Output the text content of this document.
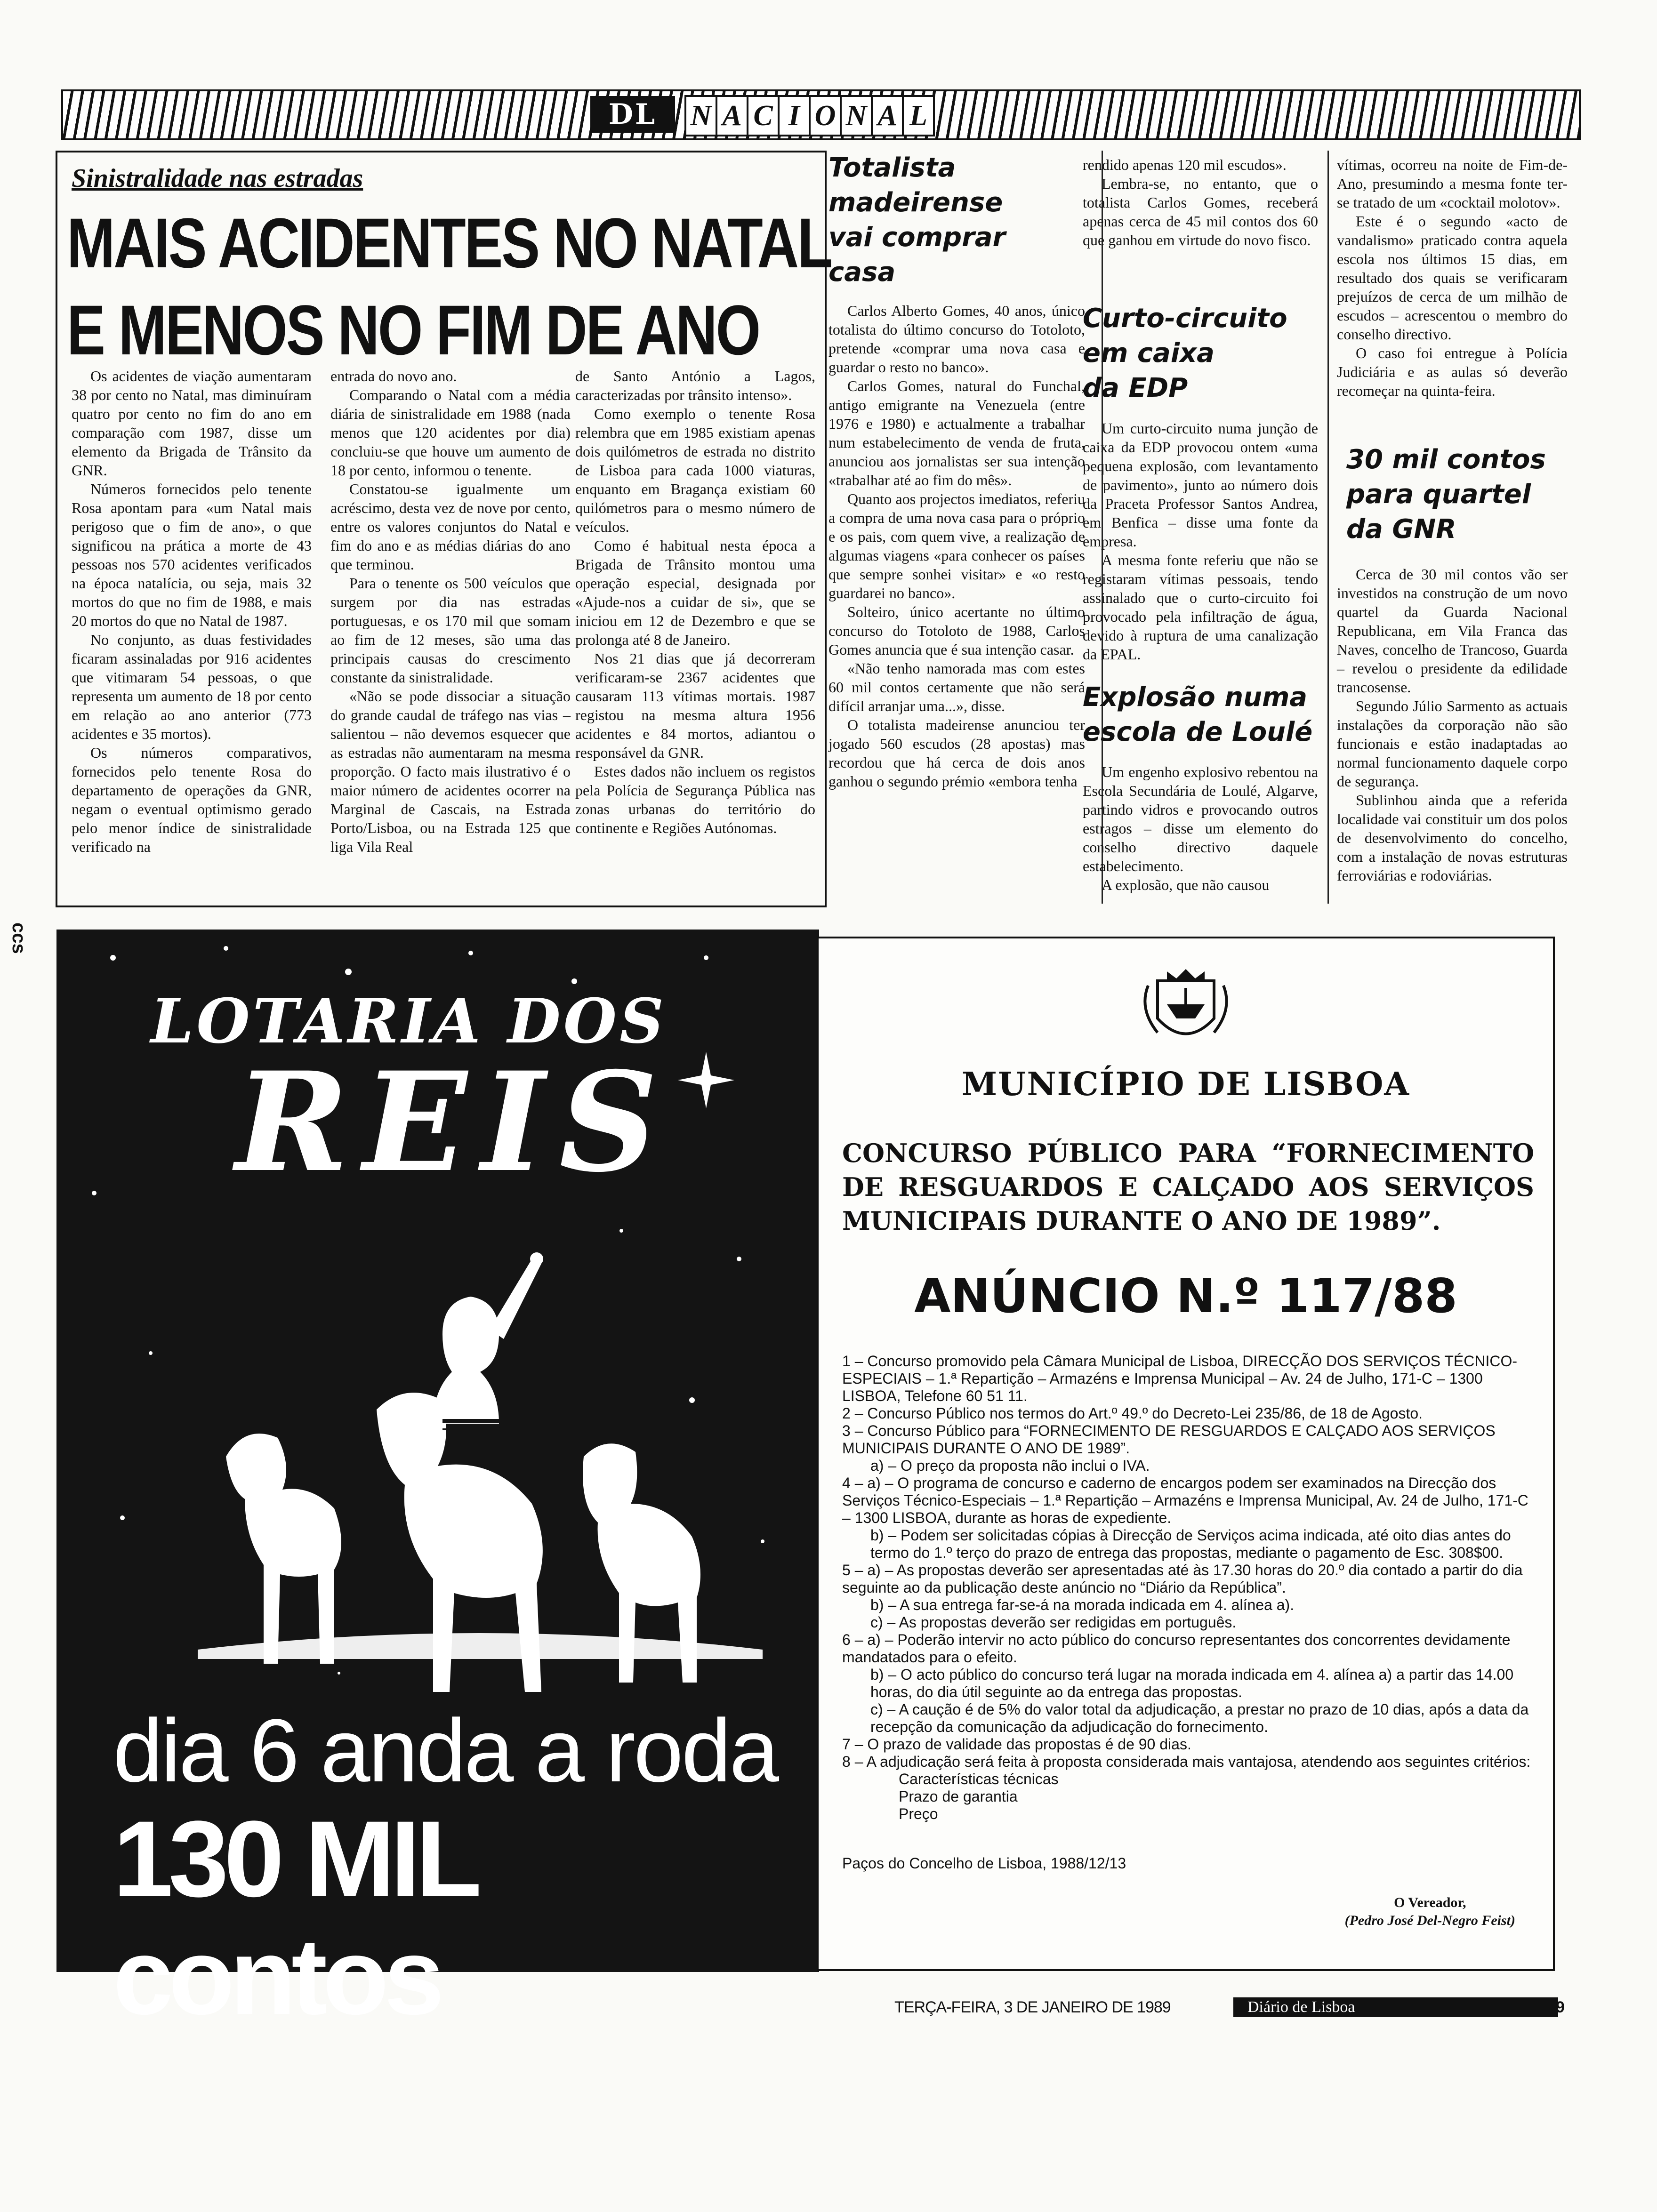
DL	N A C I O N A L
Sinistralidade nas estradas
MAIS ACIDENTES NO NATAL
E MENOS NO FIM DE ANO

Os acidentes de viação aumentaram 38 por cento no Natal, mas diminuíram quatro por cento no fim do ano em comparação com 1987, disse um elemento da Brigada de Trânsito da GNR.

Números fornecidos pelo tenente Rosa apontam para «um Natal mais perigoso que o fim de ano», o que significou na prática a morte de 43 pessoas nos 570 acidentes verificados na época natalícia, ou seja, mais 32 mortos do que no fim de 1988, e mais 20 mortos do que no Natal de 1987.

No conjunto, as duas festividades ficaram assinaladas por 916 acidentes que vitimaram 54 pessoas, o que representa um aumento de 18 por cento em relação ao ano anterior (773 acidentes e 35 mortos).

Os números comparativos, fornecidos pelo tenente Rosa do departamento de operações da GNR, negam o eventual optimismo gerado pelo menor índice de sinistralidade verificado na

entrada do novo ano.

Comparando o Natal com a média diária de sinistralidade em 1988 (nada menos que 120 acidentes por dia) concluiu-se que houve um aumento de 18 por cento, informou o tenente.

Constatou-se igualmente um acréscimo, desta vez de nove por cento, entre os valores conjuntos do Natal e fim do ano e as médias diárias do ano que terminou.

Para o tenente os 500 veículos que surgem por dia nas estradas portuguesas, e os 170 mil que somam ao fim de 12 meses, são uma das principais causas do crescimento constante da sinistralidade.

«Não se pode dissociar a situação do grande caudal de tráfego nas vias – salientou – não devemos esquecer que as estradas não aumentaram na mesma proporção. O facto mais ilustrativo é o maior número de acidentes ocorrer na Marginal de Cascais, na Estrada Porto/Lisboa, ou na Estrada 125 que liga Vila Real

de Santo António a Lagos, caracterizadas por trânsito intenso».

Como exemplo o tenente Rosa relembra que em 1985 existiam apenas dois quilómetros de estrada no distrito de Lisboa para cada 1000 viaturas, enquanto em Bragança existiam 60 quilómetros para o mesmo número de veículos.

Como é habitual nesta época a Brigada de Trânsito montou uma operação especial, designada por «Ajude-nos a cuidar de si», que se iniciou em 12 de Dezembro e que se prolonga até 8 de Janeiro.

Nos 21 dias que já decorreram verificaram-se 2367 acidentes que causaram 113 vítimas mortais. 1987 registou na mesma altura 1956 acidentes e 84 mortos, adiantou o responsável da GNR.

Estes dados não incluem os registos pela Polícia de Segurança Pública nas zonas urbanas do território do continente e Regiões Autónomas.

Totalista
madeirense
vai comprar
casa

Carlos Alberto Gomes, 40 anos, único totalista do último concurso do Totoloto, pretende «comprar uma nova casa e guardar o resto no banco».

Carlos Gomes, natural do Funchal, antigo emigrante na Venezuela (entre 1976 e 1980) e actualmente a trabalhar num estabelecimento de venda de fruta, anunciou aos jornalistas ser sua intenção «trabalhar até ao fim do mês».

Quanto aos projectos imediatos, referiu a compra de uma nova casa para o próprio e os pais, com quem vive, a realização de algumas viagens «para conhecer os países que sempre sonhei visitar» e «o resto guardarei no banco».

Solteiro, único acertante no último concurso do Totoloto de 1988, Carlos Gomes anuncia que é sua intenção casar.

«Não tenho namorada mas com estes 60 mil contos certamente que não será difícil arranjar uma...», disse.

O totalista madeirense anunciou ter jogado 560 escudos (28 apostas) mas recordou que há cerca de dois anos ganhou o segundo prémio «embora tenha

rendido apenas 120 mil escudos».

Lembra-se, no entanto, que o totalista Carlos Gomes, receberá apenas cerca de 45 mil contos dos 60 que ganhou em virtude do novo fisco.

Curto-circuito
em caixa
da EDP

Um curto-circuito numa junção de caixa da EDP provocou ontem «uma pequena explosão, com levantamento de pavimento», junto ao número dois da Praceta Professor Santos Andrea, em Benfica – disse uma fonte da empresa.

A mesma fonte referiu que não se registaram vítimas pessoais, tendo assinalado que o curto-circuito foi provocado pela infiltração de água, devido à ruptura de uma canalização da EPAL.

Explosão numa
escola de Loulé

Um engenho explosivo rebentou na Escola Secundária de Loulé, Algarve, partindo vidros e provocando outros estragos – disse um elemento do conselho directivo daquele estabelecimento.

A explosão, que não causou

vítimas, ocorreu na noite de Fim-de-Ano, presumindo a mesma fonte ter-se tratado de um «cocktail molotov».

Este é o segundo «acto de vandalismo» praticado contra aquela escola nos últimos 15 dias, em resultado dos quais se verificaram prejuízos de cerca de um milhão de escudos – acrescentou o membro do conselho directivo.

O caso foi entregue à Polícia Judiciária e as aulas só deverão recomeçar na quinta-feira.

30 mil contos
para quartel
da GNR

Cerca de 30 mil contos vão ser investidos na construção de um novo quartel da Guarda Nacional Republicana, em Vila Franca das Naves, concelho de Trancoso, Guarda – revelou o presidente da edilidade trancosense.

Segundo Júlio Sarmento as actuais instalações da corporação não são funcionais e estão inadaptadas ao normal funcionamento daquele corpo de segurança.

Sublinhou ainda que a referida localidade vai constituir um dos polos de desenvolvimento do concelho, com a instalação de novas estruturas ferroviárias e rodoviárias.

ccs
LOTARIA DOS
REIS
dia 6 anda a roda
130 MIL contos
MUNICÍPIO DE LISBOA
CONCURSO PÚBLICO PARA “FORNECIMENTO DE RESGUARDOS E CALÇADO AOS SERVIÇOS MUNICIPAIS DURANTE O ANO DE 1989”.
ANÚNCIO N.º 117/88
1 – Concurso promovido pela Câmara Municipal de Lisboa, DIRECÇÃO DOS SERVIÇOS TÉCNICO-ESPECIAIS – 1.ª Repartição – Armazéns e Imprensa Municipal – Av. 24 de Julho, 171-C – 1300 LISBOA, Telefone 60 51 11.
2 – Concurso Público nos termos do Art.º 49.º do Decreto-Lei 235/86, de 18 de Agosto.
3 – Concurso Público para “FORNECIMENTO DE RESGUARDOS E CALÇADO AOS SERVIÇOS MUNICIPAIS DURANTE O ANO DE 1989”.
a) – O preço da proposta não inclui o IVA.
4 – a) – O programa de concurso e caderno de encargos podem ser examinados na Direcção dos Serviços Técnico-Especiais – 1.ª Repartição – Armazéns e Imprensa Municipal, Av. 24 de Julho, 171-C – 1300 LISBOA, durante as horas de expediente.
b) – Podem ser solicitadas cópias à Direcção de Serviços acima indicada, até oito dias antes do termo do 1.º terço do prazo de entrega das propostas, mediante o pagamento de Esc. 308$00.
5 – a) – As propostas deverão ser apresentadas até às 17.30 horas do 20.º dia contado a partir do dia seguinte ao da publicação deste anúncio no “Diário da República”.
b) – A sua entrega far-se-á na morada indicada em 4. alínea a).
c) – As propostas deverão ser redigidas em português.
6 – a) – Poderão intervir no acto público do concurso representantes dos concorrentes devidamente mandatados para o efeito.
b) – O acto público do concurso terá lugar na morada indicada em 4. alínea a) a partir das 14.00 horas, do dia útil seguinte ao da entrega das propostas.
c) – A caução é de 5% do valor total da adjudicação, a prestar no prazo de 10 dias, após a data da recepção da comunicação da adjudicação do fornecimento.
7 – O prazo de validade das propostas é de 90 dias.
8 – A adjudicação será feita à proposta considerada mais vantajosa, atendendo aos seguintes critérios:
Características técnicas
Prazo de garantia
Preço
Paços do Concelho de Lisboa, 1988/12/13
O Vereador,
(Pedro José Del-Negro Feist)
TERÇA-FEIRA, 3 DE JANEIRO DE 1989	Diário de Lisboa	9
